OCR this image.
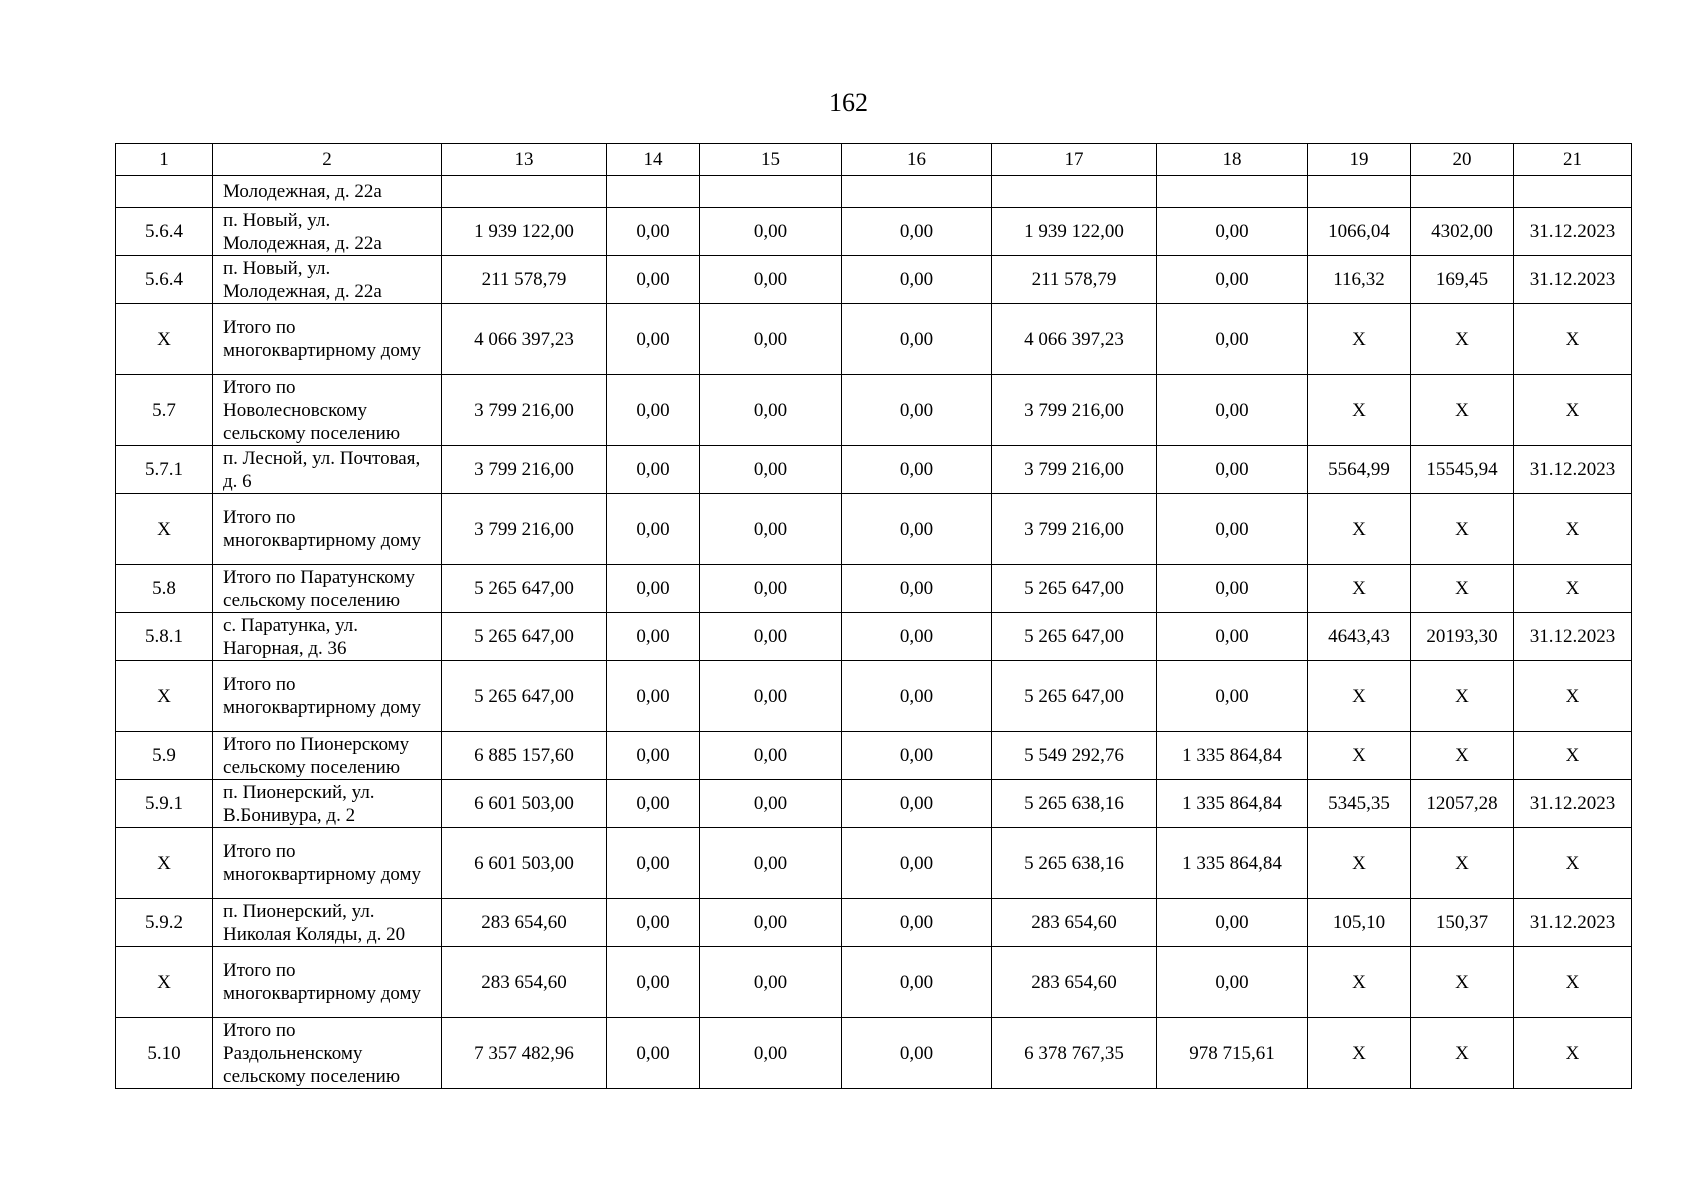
162
1	2	13	14	15	16	17	18	19	20	21
	Молодежная, д. 22а									
5.6.4	п. Новый, ул. Молодежная, д. 22а	1 939 122,00	0,00	0,00	0,00	1 939 122,00	0,00	1066,04	4302,00	31.12.2023
5.6.4	п. Новый, ул. Молодежная, д. 22а	211 578,79	0,00	0,00	0,00	211 578,79	0,00	116,32	169,45	31.12.2023
X	Итого по многоквартирному дому	4 066 397,23	0,00	0,00	0,00	4 066 397,23	0,00	X	X	X
5.7	Итого по Новолесновскому сельскому поселению	3 799 216,00	0,00	0,00	0,00	3 799 216,00	0,00	X	X	X
5.7.1	п. Лесной, ул. Почтовая, д. 6	3 799 216,00	0,00	0,00	0,00	3 799 216,00	0,00	5564,99	15545,94	31.12.2023
X	Итого по многоквартирному дому	3 799 216,00	0,00	0,00	0,00	3 799 216,00	0,00	X	X	X
5.8	Итого по Паратунскому сельскому поселению	5 265 647,00	0,00	0,00	0,00	5 265 647,00	0,00	X	X	X
5.8.1	с. Паратунка, ул. Нагорная, д. 36	5 265 647,00	0,00	0,00	0,00	5 265 647,00	0,00	4643,43	20193,30	31.12.2023
X	Итого по многоквартирному дому	5 265 647,00	0,00	0,00	0,00	5 265 647,00	0,00	X	X	X
5.9	Итого по Пионерскому сельскому поселению	6 885 157,60	0,00	0,00	0,00	5 549 292,76	1 335 864,84	X	X	X
5.9.1	п. Пионерский, ул. В.Бонивура, д. 2	6 601 503,00	0,00	0,00	0,00	5 265 638,16	1 335 864,84	5345,35	12057,28	31.12.2023
X	Итого по многоквартирному дому	6 601 503,00	0,00	0,00	0,00	5 265 638,16	1 335 864,84	X	X	X
5.9.2	п. Пионерский, ул. Николая Коляды, д. 20	283 654,60	0,00	0,00	0,00	283 654,60	0,00	105,10	150,37	31.12.2023
X	Итого по многоквартирному дому	283 654,60	0,00	0,00	0,00	283 654,60	0,00	X	X	X
5.10	Итого по Раздольненскому сельскому поселению	7 357 482,96	0,00	0,00	0,00	6 378 767,35	978 715,61	X	X	X
